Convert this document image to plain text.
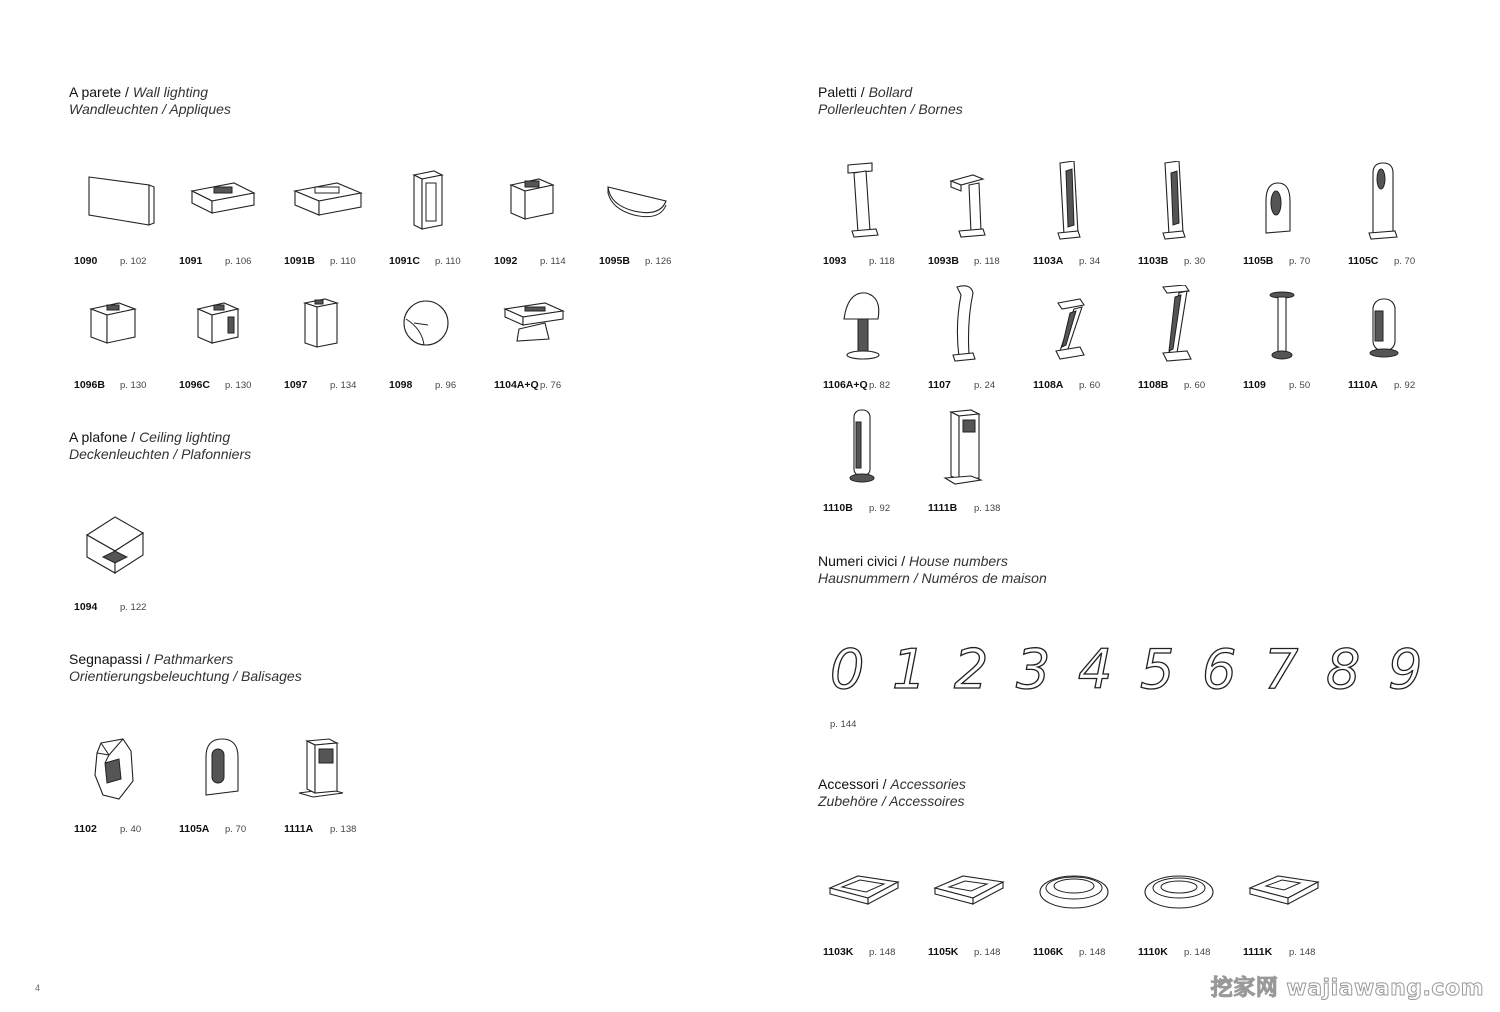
4	挖家网 wajiawang.com
A parete / Wall lighting
Wandleuchten / Appliques
1090 p. 102	1091 p. 106	1091B p. 110	1091C p. 110	1092 p. 114	1095B p. 126
1096B p. 130	1096C p. 130	1097 p. 134	1098 p. 96	1104A+Q p. 76
A plafone / Ceiling lighting
Deckenleuchten / Plafonniers
1094 p. 122
Segnapassi / Pathmarkers
Orientierungsbeleuchtung / Balisages
1102 p. 40	1105A p. 70	1111A p. 138
Paletti / Bollard
Pollerleuchten / Bornes
1093 p. 118	1093B p. 118	1103A p. 34	1103B p. 30	1105B p. 70	1105C p. 70
1106A+Q p. 82	1107 p. 24	1108A p. 60	1108B p. 60	1109 p. 50	1110A p. 92
1110B p. 92	1111B p. 138
Numeri civici / House numbers
Hausnummern / Numéros de maison
0 1 2 3 4 5 6 7 8 9
p. 144
Accessori / Accessories
Zubehöre / Accessoires
1103K p. 148	1105K p. 148	1106K p. 148	1110K p. 148	1111K p. 148
